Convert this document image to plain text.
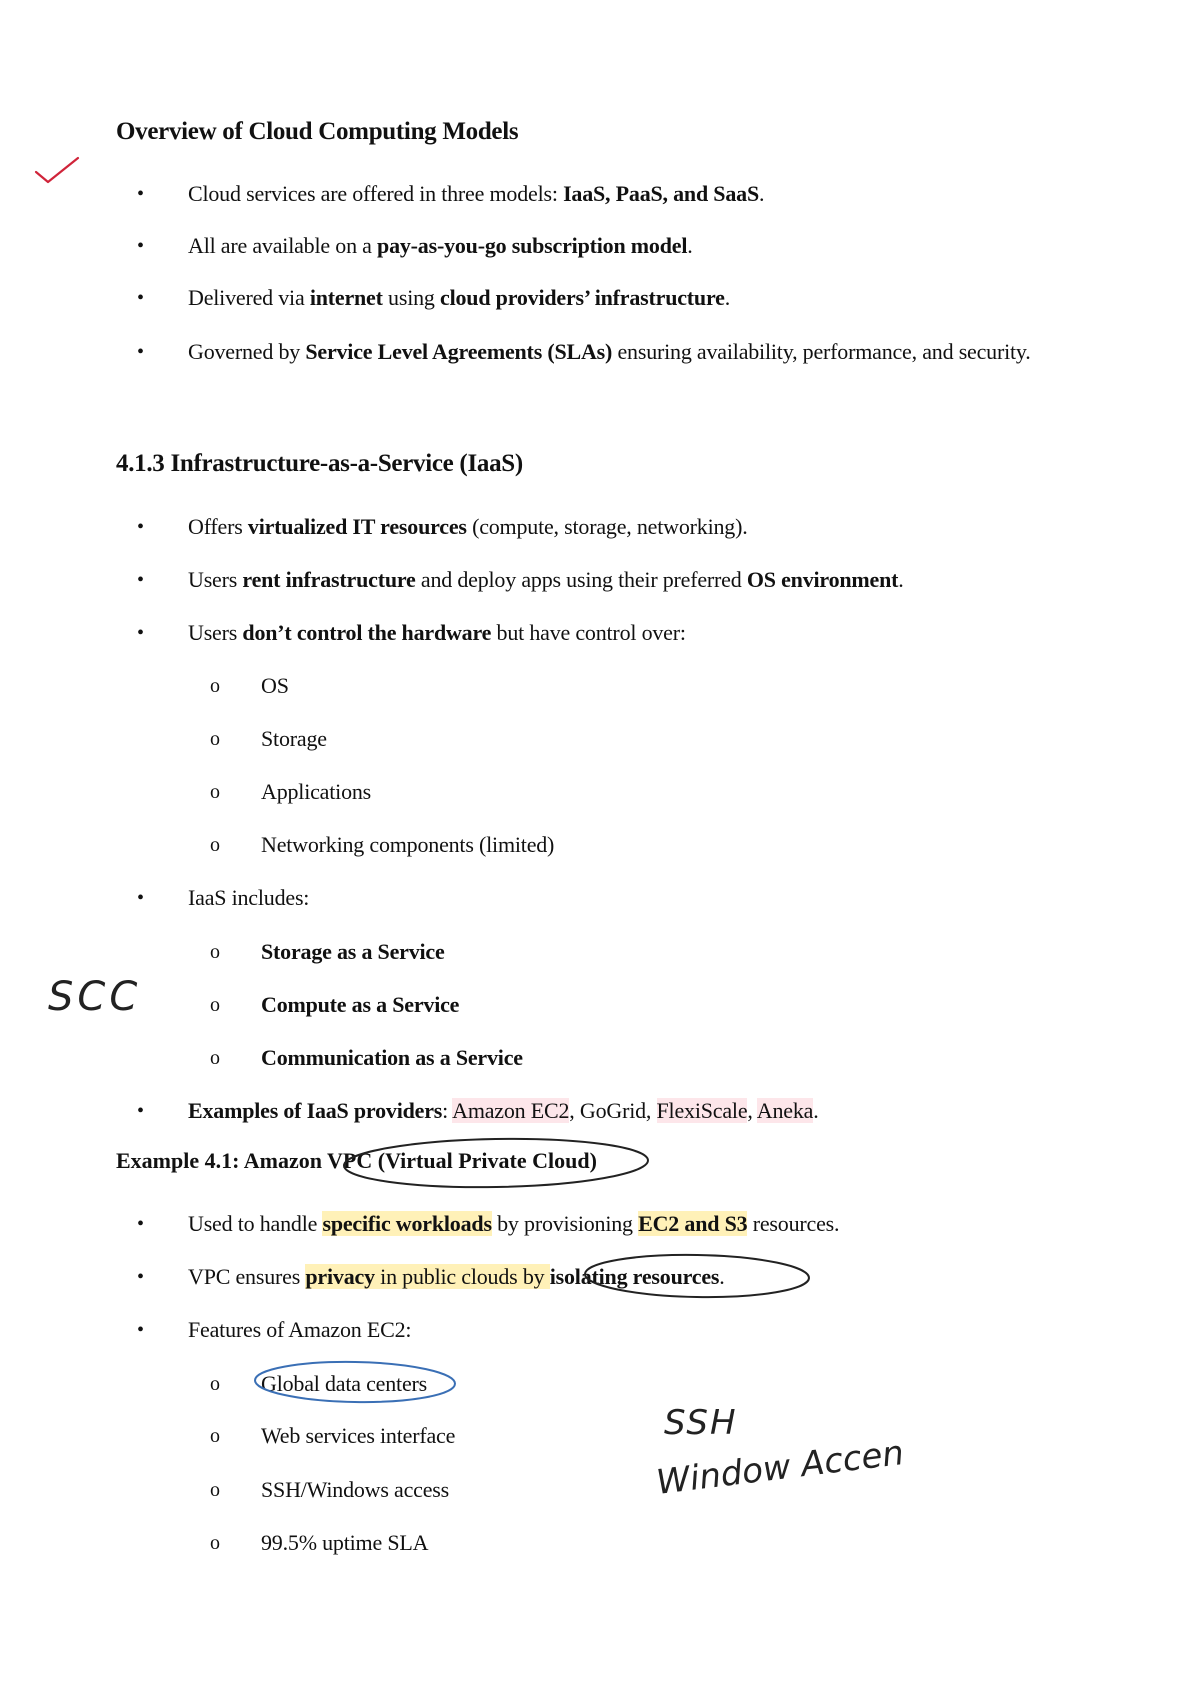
Overview of Cloud Computing Models
• Cloud services are offered in three models: IaaS, PaaS, and SaaS.
• All are available on a pay-as-you-go subscription model.
• Delivered via internet using cloud providers’ infrastructure.
• Governed by Service Level Agreements (SLAs) ensuring availability, performance, and security.
4.1.3 Infrastructure-as-a-Service (IaaS)
• Offers virtualized IT resources (compute, storage, networking).
• Users rent infrastructure and deploy apps using their preferred OS environment.
• Users don’t control the hardware but have control over:
o OS
o Storage
o Applications
o Networking components (limited)
• IaaS includes:
o Storage as a Service
o Compute as a Service
o Communication as a Service
• Examples of IaaS providers: Amazon EC2, GoGrid, FlexiScale, Aneka.
Example 4.1: Amazon VPC (Virtual Private Cloud)
• Used to handle specific workloads by provisioning EC2 and S3 resources.
• VPC ensures privacy in public clouds by isolating resources.
• Features of Amazon EC2:
o Global data centers
o Web services interface
o SSH/Windows access
o 99.5% uptime SLA
SCC
SSH
Window Accen
